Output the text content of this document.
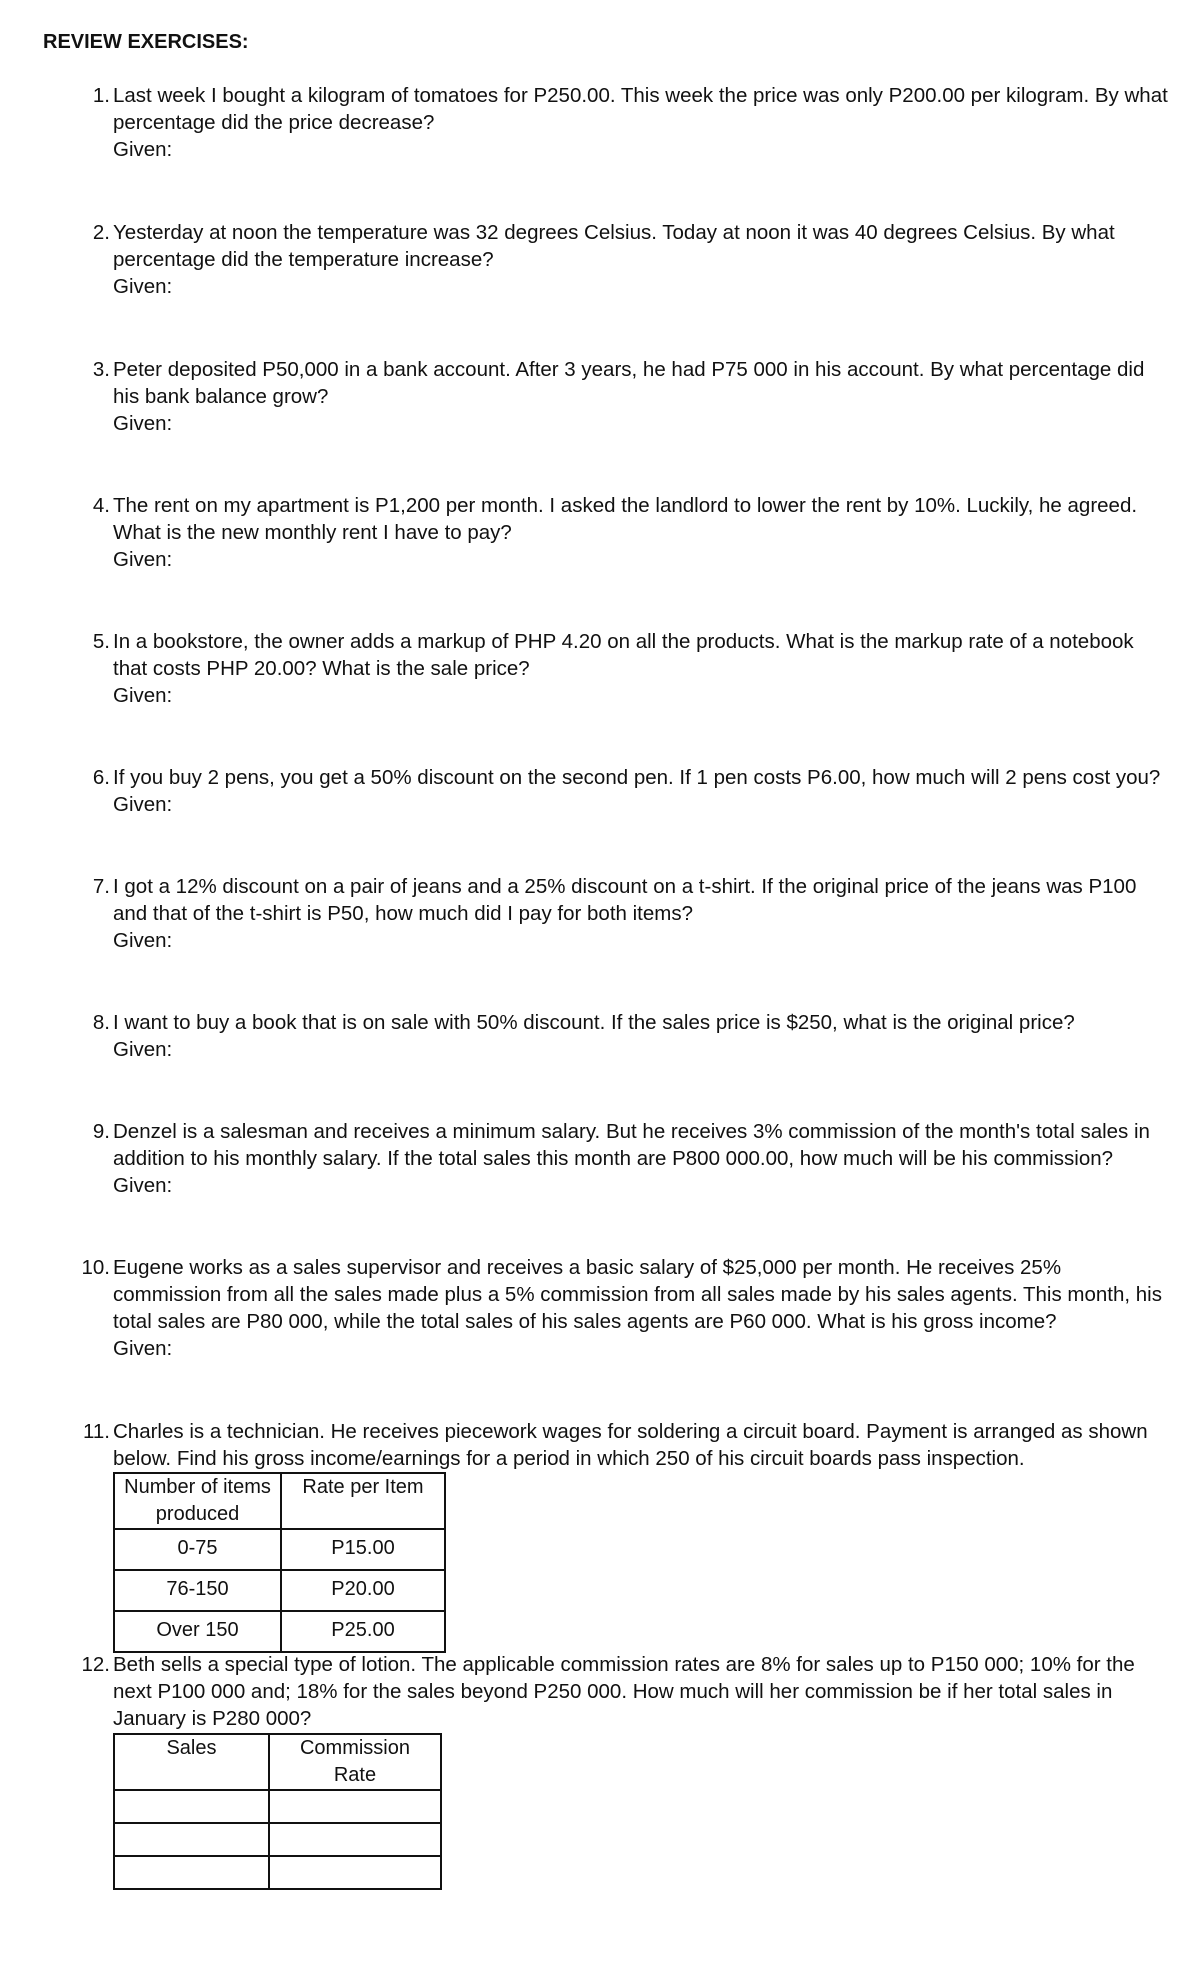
REVIEW EXERCISES:
1. Last week I bought a kilogram of tomatoes for P250.00. This week the price was only P200.00 per kilogram. By what percentage did the price decrease?
Given:
2. Yesterday at noon the temperature was 32 degrees Celsius. Today at noon it was 40 degrees Celsius. By what percentage did the temperature increase?
Given:
3. Peter deposited P50,000 in a bank account. After 3 years, he had P75 000 in his account. By what percentage did his bank balance grow?
Given:
4. The rent on my apartment is P1,200 per month. I asked the landlord to lower the rent by 10%. Luckily, he agreed. What is the new monthly rent I have to pay?
Given:
5. In a bookstore, the owner adds a markup of PHP 4.20 on all the products. What is the markup rate of a notebook that costs PHP 20.00? What is the sale price?
Given:
6. If you buy 2 pens, you get a 50% discount on the second pen. If 1 pen costs P6.00, how much will 2 pens cost you?
Given:
7. I got a 12% discount on a pair of jeans and a 25% discount on a t-shirt. If the original price of the jeans was P100 and that of the t-shirt is P50, how much did I pay for both items?
Given:
8. I want to buy a book that is on sale with 50% discount. If the sales price is $250, what is the original price?
Given:
9. Denzel is a salesman and receives a minimum salary. But he receives 3% commission of the month's total sales in addition to his monthly salary. If the total sales this month are P800 000.00, how much will be his commission?
Given:
10. Eugene works as a sales supervisor and receives a basic salary of $25,000 per month. He receives 25% commission from all the sales made plus a 5% commission from all sales made by his sales agents. This month, his total sales are P80 000, while the total sales of his sales agents are P60 000. What is his gross income?
Given:
11. Charles is a technician. He receives piecework wages for soldering a circuit board. Payment is arranged as shown below. Find his gross income/earnings for a period in which 250 of his circuit boards pass inspection.
Number of items produced	Rate per Item
0-75	P15.00
76-150	P20.00
Over 150	P25.00
12. Beth sells a special type of lotion. The applicable commission rates are 8% for sales up to P150 000; 10% for the next P100 000 and; 18% for the sales beyond P250 000. How much will her commission be if her total sales in January is P280 000?
Sales	Commission Rate
